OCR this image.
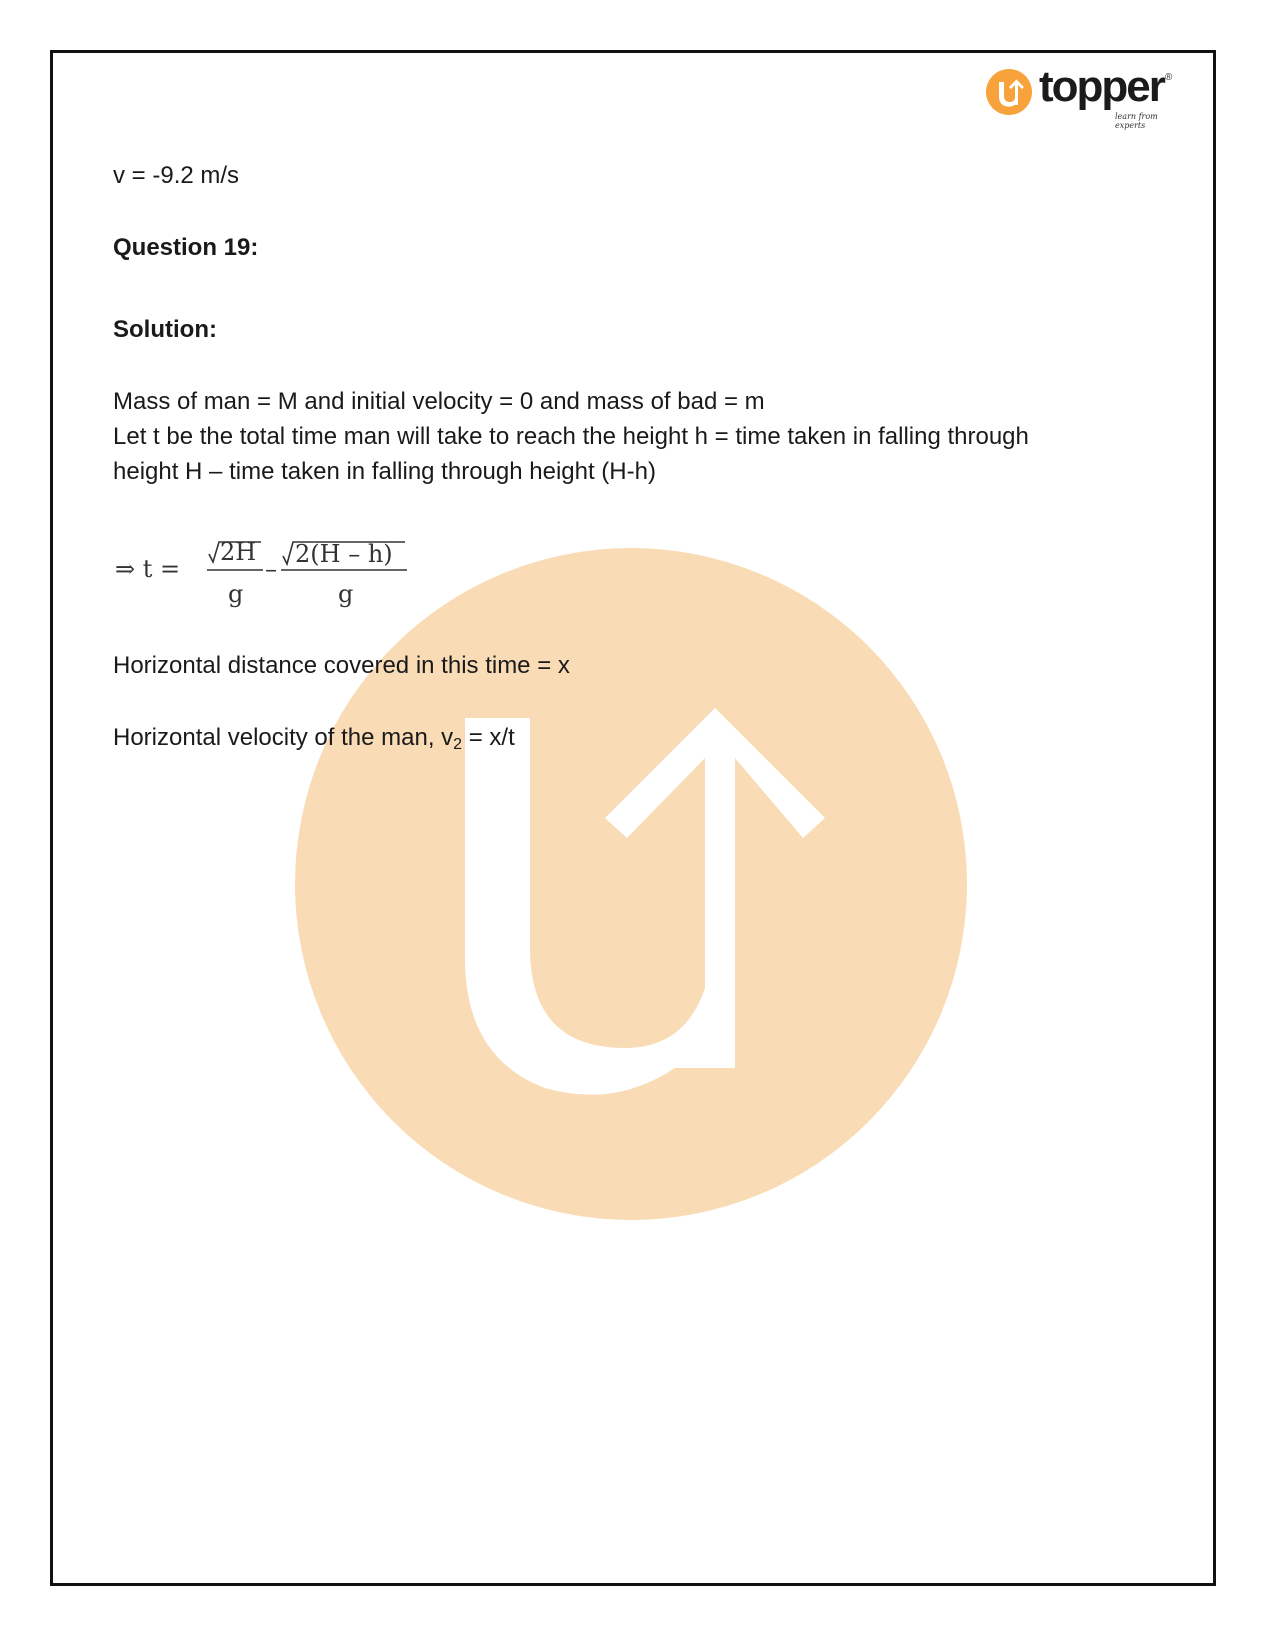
topper ®
learn from experts
v = -9.2 m/s
Question 19:
Solution:
Mass of man = M and initial velocity = 0 and mass of bad = m
Let t be the total time man will take to reach the height h = time taken in falling through
height H – time taken in falling through height (H-h)
Horizontal distance covered in this time = x
Horizontal velocity of the man, $v_2 = x/t$
⇒ t =
2H
g
–
2(H – h)
g
